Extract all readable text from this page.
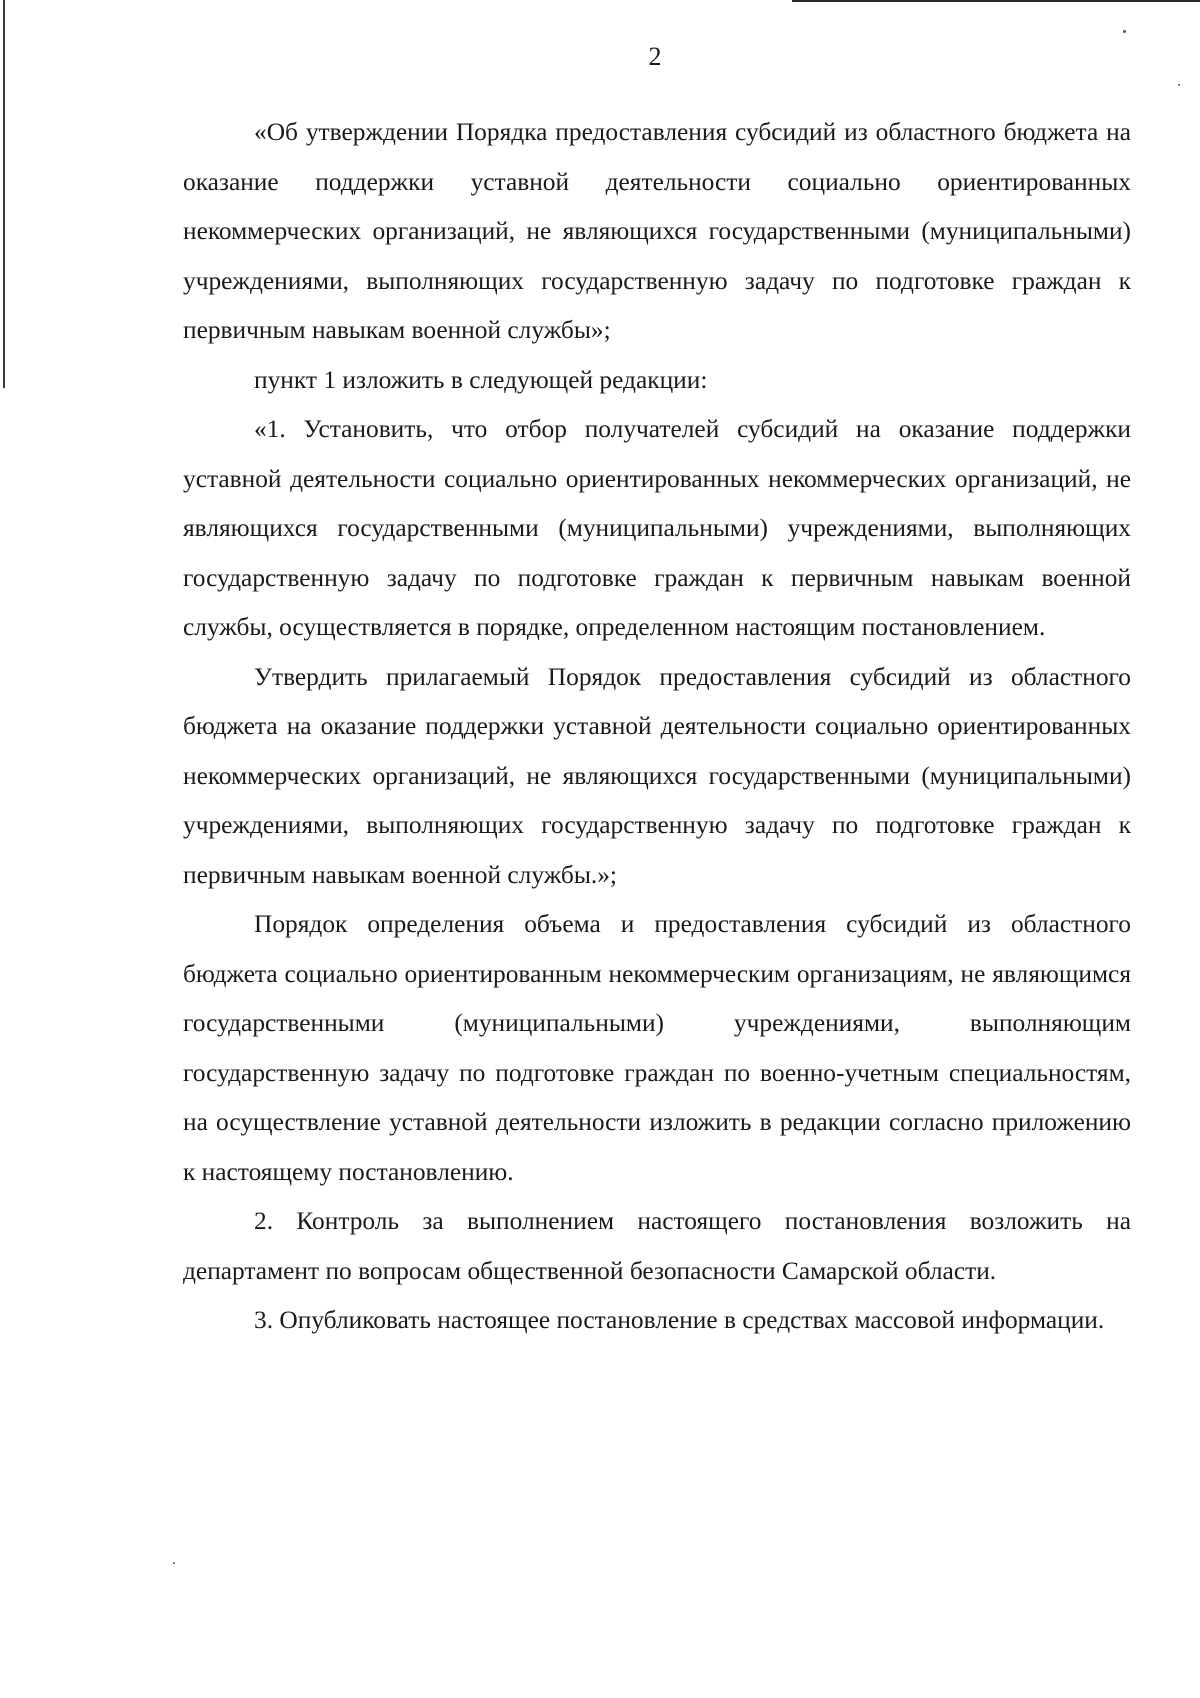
2

«Об утверждении Порядка предоставления субсидий из областного бюджета на оказание поддержки уставной деятельности социально ориентированных некоммерческих организаций, не являющихся государственными (муниципальными) учреждениями, выполняющих государственную задачу по подготовке граждан к первичным навыкам военной службы»;

пункт 1 изложить в следующей редакции:

«1. Установить, что отбор получателей субсидий на оказание поддержки уставной деятельности социально ориентированных некоммерческих организаций, не являющихся государственными (муниципальными) учреждениями, выполняющих государственную задачу по подготовке граждан к первичным навыкам военной службы, осуществляется в порядке, определенном настоящим постановлением.

Утвердить прилагаемый Порядок предоставления субсидий из областного бюджета на оказание поддержки уставной деятельности социально ориентированных некоммерческих организаций, не являющихся государственными (муниципальными) учреждениями, выполняющих государственную задачу по подготовке граждан к первичным навыкам военной службы.»;

Порядок определения объема и предоставления субсидий из областного бюджета социально ориентированным некоммерческим организациям, не являющимся государственными (муниципальными) учреждениями, выполняющим государственную задачу по подготовке граждан по военно-учетным специальностям, на осуществление уставной деятельности изложить в редакции согласно приложению к настоящему постановлению.

2. Контроль за выполнением настоящего постановления возложить на департамент по вопросам общественной безопасности Самарской области.

3. Опубликовать настоящее постановление в средствах массовой информации.
